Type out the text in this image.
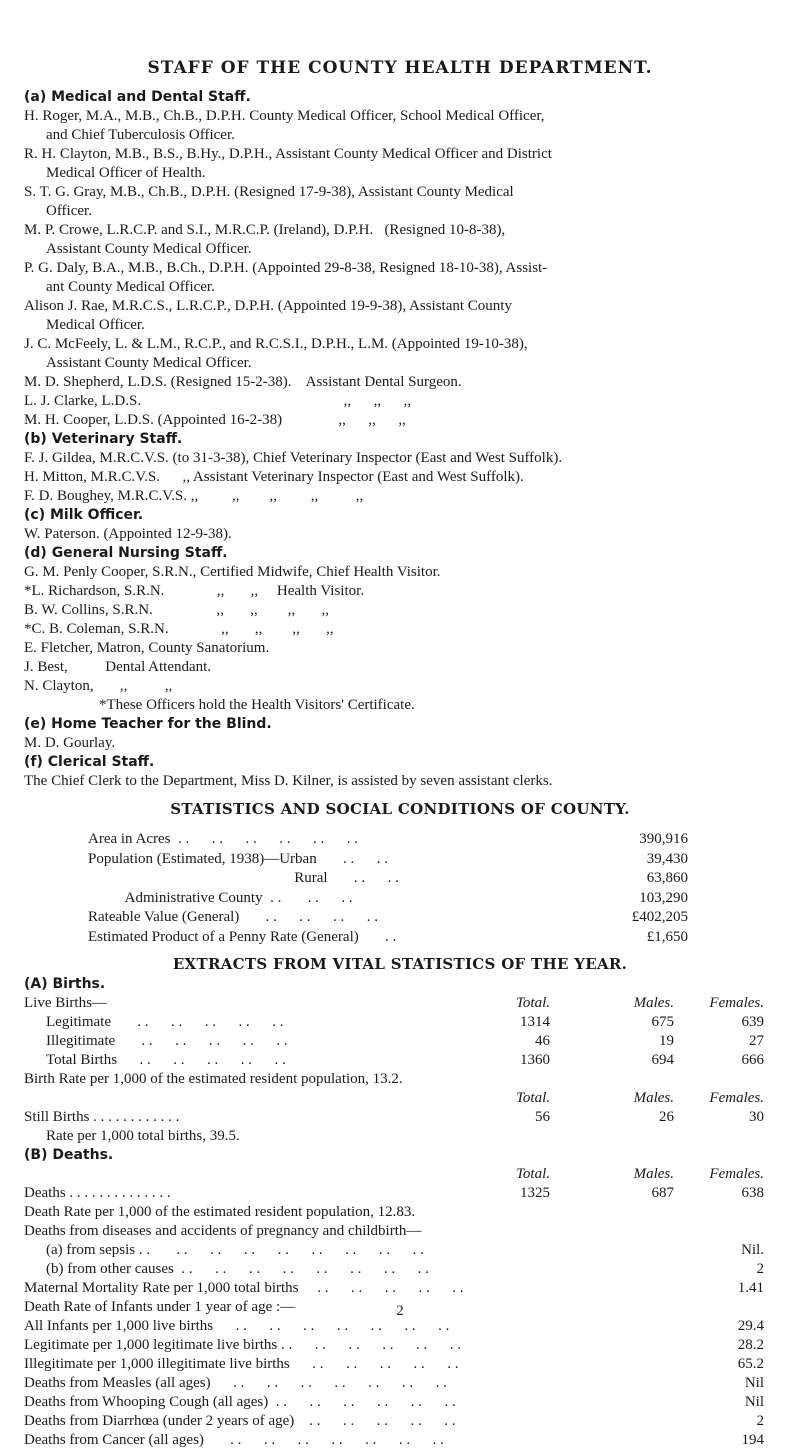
STAFF OF THE COUNTY HEALTH DEPARTMENT.
(a) Medical and Dental Staff.
H. Roger, M.A., M.B., Ch.B., D.P.H. County Medical Officer, School Medical Officer,
and Chief Tuberculosis Officer.
R. H. Clayton, M.B., B.S., B.Hy., D.P.H., Assistant County Medical Officer and District
Medical Officer of Health.
S. T. G. Gray, M.B., Ch.B., D.P.H. (Resigned 17-9-38), Assistant County Medical
Officer.
M. P. Crowe, L.R.C.P. and S.I., M.R.C.P. (Ireland), D.P.H.   (Resigned 10-8-38),
Assistant County Medical Officer.
P. G. Daly, B.A., M.B., B.Ch., D.P.H. (Appointed 29-8-38, Resigned 18-10-38), Assist-
ant County Medical Officer.
Alison J. Rae, M.R.C.S., L.R.C.P., D.P.H. (Appointed 19-9-38), Assistant County
Medical Officer.
J. C. McFeely, L. & L.M., R.C.P., and R.C.S.I., D.P.H., L.M. (Appointed 19-10-38),
Assistant County Medical Officer.
M. D. Shepherd, L.D.S. (Resigned 15-2-38).    Assistant Dental Surgeon.
L. J. Clarke, L.D.S.                                                      ,,      ,,      ,,
M. H. Cooper, L.D.S. (Appointed 16-2-38)               ,,      ,,      ,,
(b) Veterinary Staff.
F. J. Gildea, M.R.C.V.S. (to 31-3-38), Chief Veterinary Inspector (East and West Suffolk).
H. Mitton, M.R.C.V.S.      ,, Assistant Veterinary Inspector (East and West Suffolk).
F. D. Boughey, M.R.C.V.S. ,,         ,,        ,,         ,,          ,,
(c) Milk Officer.
W. Paterson. (Appointed 12-9-38).
(d) General Nursing Staff.
G. M. Penly Cooper, S.R.N., Certified Midwife, Chief Health Visitor.
*L. Richardson, S.R.N.              ,,       ,,     Health Visitor.
B. W. Collins, S.R.N.                 ,,       ,,        ,,       ,,
*C. B. Coleman, S.R.N.              ,,       ,,        ,,       ,,
E. Fletcher, Matron, County Sanatorium.
J. Best,          Dental Attendant.
N. Clayton,       ,,          ,,
*These Officers hold the Health Visitors' Certificate.
(e) Home Teacher for the Blind.
M. D. Gourlay.
(f) Clerical Staff.
The Chief Clerk to the Department, Miss D. Kilner, is assisted by seven assistant clerks.
STATISTICS AND SOCIAL CONDITIONS OF COUNTY.
Area in Acres  . .      . .      . .      . .      . .      . .	390,916
Population (Estimated, 1938)—Urban       . .      . .	39,430
Rural       . .      . .	63,860
Administrative County  . .       . .      . .	103,290
Rateable Value (General)       . .      . .      . .      . .	£402,205
Estimated Product of a Penny Rate (General)       . .	£1,650
EXTRACTS FROM VITAL STATISTICS OF THE YEAR.
(A) Births.
Live Births—	Total.	Males.	Females.
Legitimate       . .      . .      . .      . .      . .	1314	675	639
Illegitimate       . .      . .      . .      . .      . .	46	19	27
Total Births      . .      . .      . .      . .      . .	1360	694	666
Birth Rate per 1,000 of the estimated resident population, 13.2.
Total.	Males.	Females.
Still Births . . . . . . . . . . . .	56	26	30
Rate per 1,000 total births, 39.5.
(B) Deaths.
Total.	Males.	Females.
Deaths . . . . . . . . . . . . . .	1325	687	638
Death Rate per 1,000 of the estimated resident population, 12.83.
Deaths from diseases and accidents of pregnancy and childbirth—
(a) from sepsis . .       . .      . .      . .      . .      . .      . .      . .      . .	Nil.
(b) from other causes  . .      . .      . .      . .      . .      . .      . .      . .	2
Maternal Mortality Rate per 1,000 total births     . .      . .      . .      . .      . .	1.41
Death Rate of Infants under 1 year of age :—
All Infants per 1,000 live births      . .      . .      . .      . .      . .      . .      . .	29.4
Legitimate per 1,000 legitimate live births . .      . .      . .      . .      . .      . .	28.2
Illegitimate per 1,000 illegitimate live births      . .      . .      . .      . .      . .	65.2
Deaths from Measles (all ages)      . .      . .      . .      . .      . .      . .      . .	Nil
Deaths from Whooping Cough (all ages)  . .      . .      . .      . .      . .      . .	Nil
Deaths from Diarrhœa (under 2 years of age)    . .      . .      . .      . .      . .	2
Deaths from Cancer (all ages)       . .      . .      . .      . .      . .      . .      . .	194
2
